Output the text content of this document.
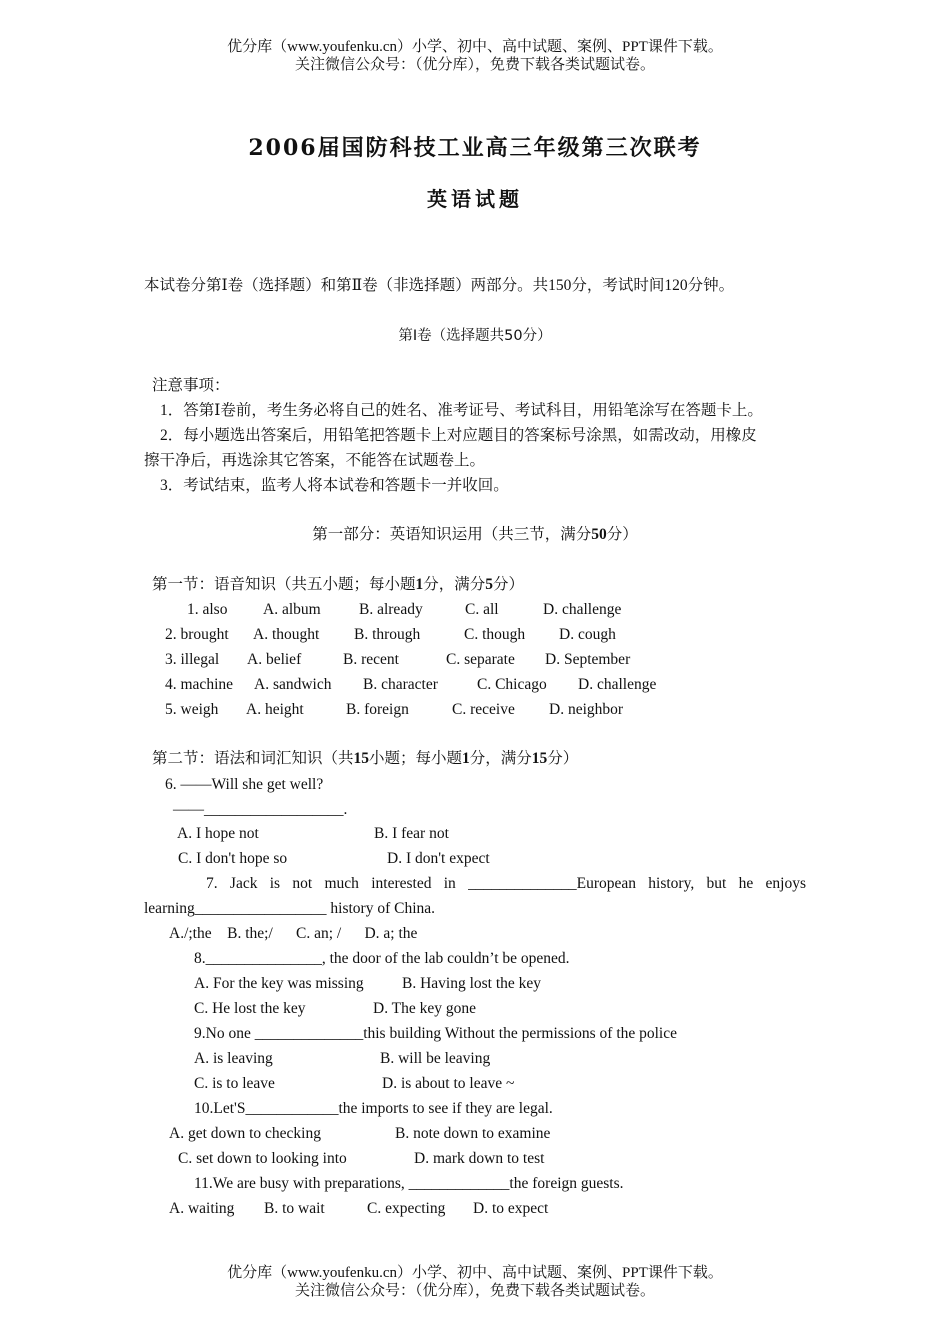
优分库（www.youfenku.cn）小学、初中、高中试题、案例、PPT课件下载。
关注微信公众号：（优分库），免费下载各类试题试卷。
2006届国防科技工业高三年级第三次联考
英语试题
本试卷分第Ⅰ卷（选择题）和第Ⅱ卷（非选择题）两部分。共150分，考试时间120分钟。
第Ⅰ卷（选择题共50分）
注意事项：
1．答第Ⅰ卷前，考生务必将自己的姓名、准考证号、考试科目，用铅笔涂写在答题卡上。
2．每小题选出答案后，用铅笔把答题卡上对应题目的答案标号涂黑，如需改动，用橡皮
擦干净后，再选涂其它答案，不能答在试题卷上。
3．考试结束，监考人将本试卷和答题卡一并收回。
第一部分：英语知识运用（共三节，满分50分）
第一节：语音知识（共五小题；每小题1分，满分5分）
1. also A. album B. already	C. all	D. challenge
2. brought A. thought B. through	C. though D. cough
3. illegal A. belief	B. recent	C. separate D. September
4. machine A. sandwich B. character	C. Chicago D. challenge
5. weigh A. height	B. foreign	C. receive D. neighbor
第二节：语法和词汇知识（共15小题；每小题1分，满分15分）
6. ——Will she get well?
——__________________.
A. I hope not	B. I fear not
C. I don't hope so	D. I don't expect
7. Jack is not much interested in ______________European history, but he enjoys
learning_________________ history of China.
A./;the    B. the;/      C. an; /      D. a; the
8._______________, the door of the lab couldn’t be opened.
A. For the key was missing B. Having lost the key
C. He lost the key	D. The key gone
9.No one ______________this building Without the permissions of the police
A. is leaving	B. will be leaving
C. is to leave	D. is about to leave ~
10.Let'S____________the imports to see if they are legal.
A. get down to checking	B. note down to examine
C. set down to looking into	D. mark down to test
11.We are busy with preparations, _____________the foreign guests.
A. waiting B. to wait	C. expecting D. to expect
优分库（www.youfenku.cn）小学、初中、高中试题、案例、PPT课件下载。
关注微信公众号：（优分库），免费下载各类试题试卷。
